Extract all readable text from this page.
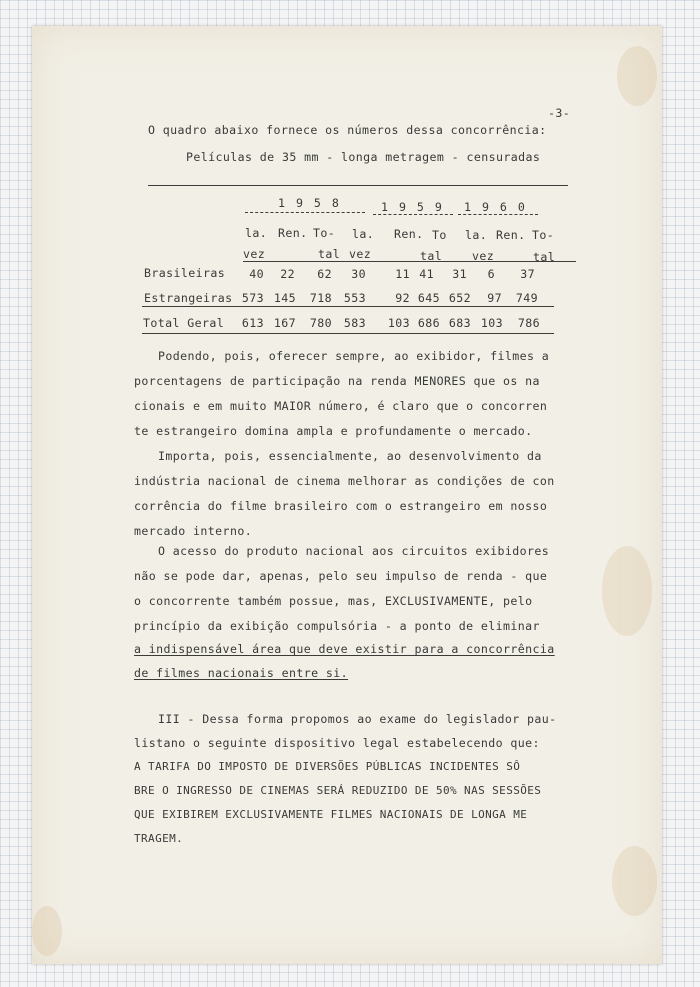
-3-
O quadro abaixo fornece os números dessa concorrência:
Películas de 35 mm - longa metragem - censuradas
1 9 5 8	1 9 5 9 1 9 6 0
la. Ren. To- la. Ren. To la. Ren. To-
vez	tal vez	tal	vez	tal
Brasileiras	40	22	62	30	11 41	31	6	37
Estrangeiras 573 145	718	553	92 645 652	97	749
Total Geral	613 167	780	583	103 686 683 103	786
Podendo, pois, oferecer sempre, ao exibidor, filmes a
porcentagens de participação na renda MENORES que os na
cionais e em muito MAIOR número, é claro que o concorren
te estrangeiro domina ampla e profundamente o mercado.
Importa, pois, essencialmente, ao desenvolvimento da
indústria nacional de cinema melhorar as condições de con
corrência do filme brasileiro com o estrangeiro em nosso
mercado interno.
O acesso do produto nacional aos circuitos exibidores
não se pode dar, apenas, pelo seu impulso de renda - que
o concorrente também possue, mas, EXCLUSIVAMENTE, pelo
princípio da exibição compulsória - a ponto de eliminar
a indispensável área que deve existir para a concorrência
de filmes nacionais entre si.
III - Dessa forma propomos ao exame do legislador pau-
listano o seguinte dispositivo legal estabelecendo que:
A TARIFA DO IMPOSTO DE DIVERSÕES PÚBLICAS INCIDENTES SÔ
BRE O INGRESSO DE CINEMAS SERÁ REDUZIDO DE 50% NAS SESSÕES
QUE EXIBIREM EXCLUSIVAMENTE FILMES NACIONAIS DE LONGA ME
TRAGEM.
